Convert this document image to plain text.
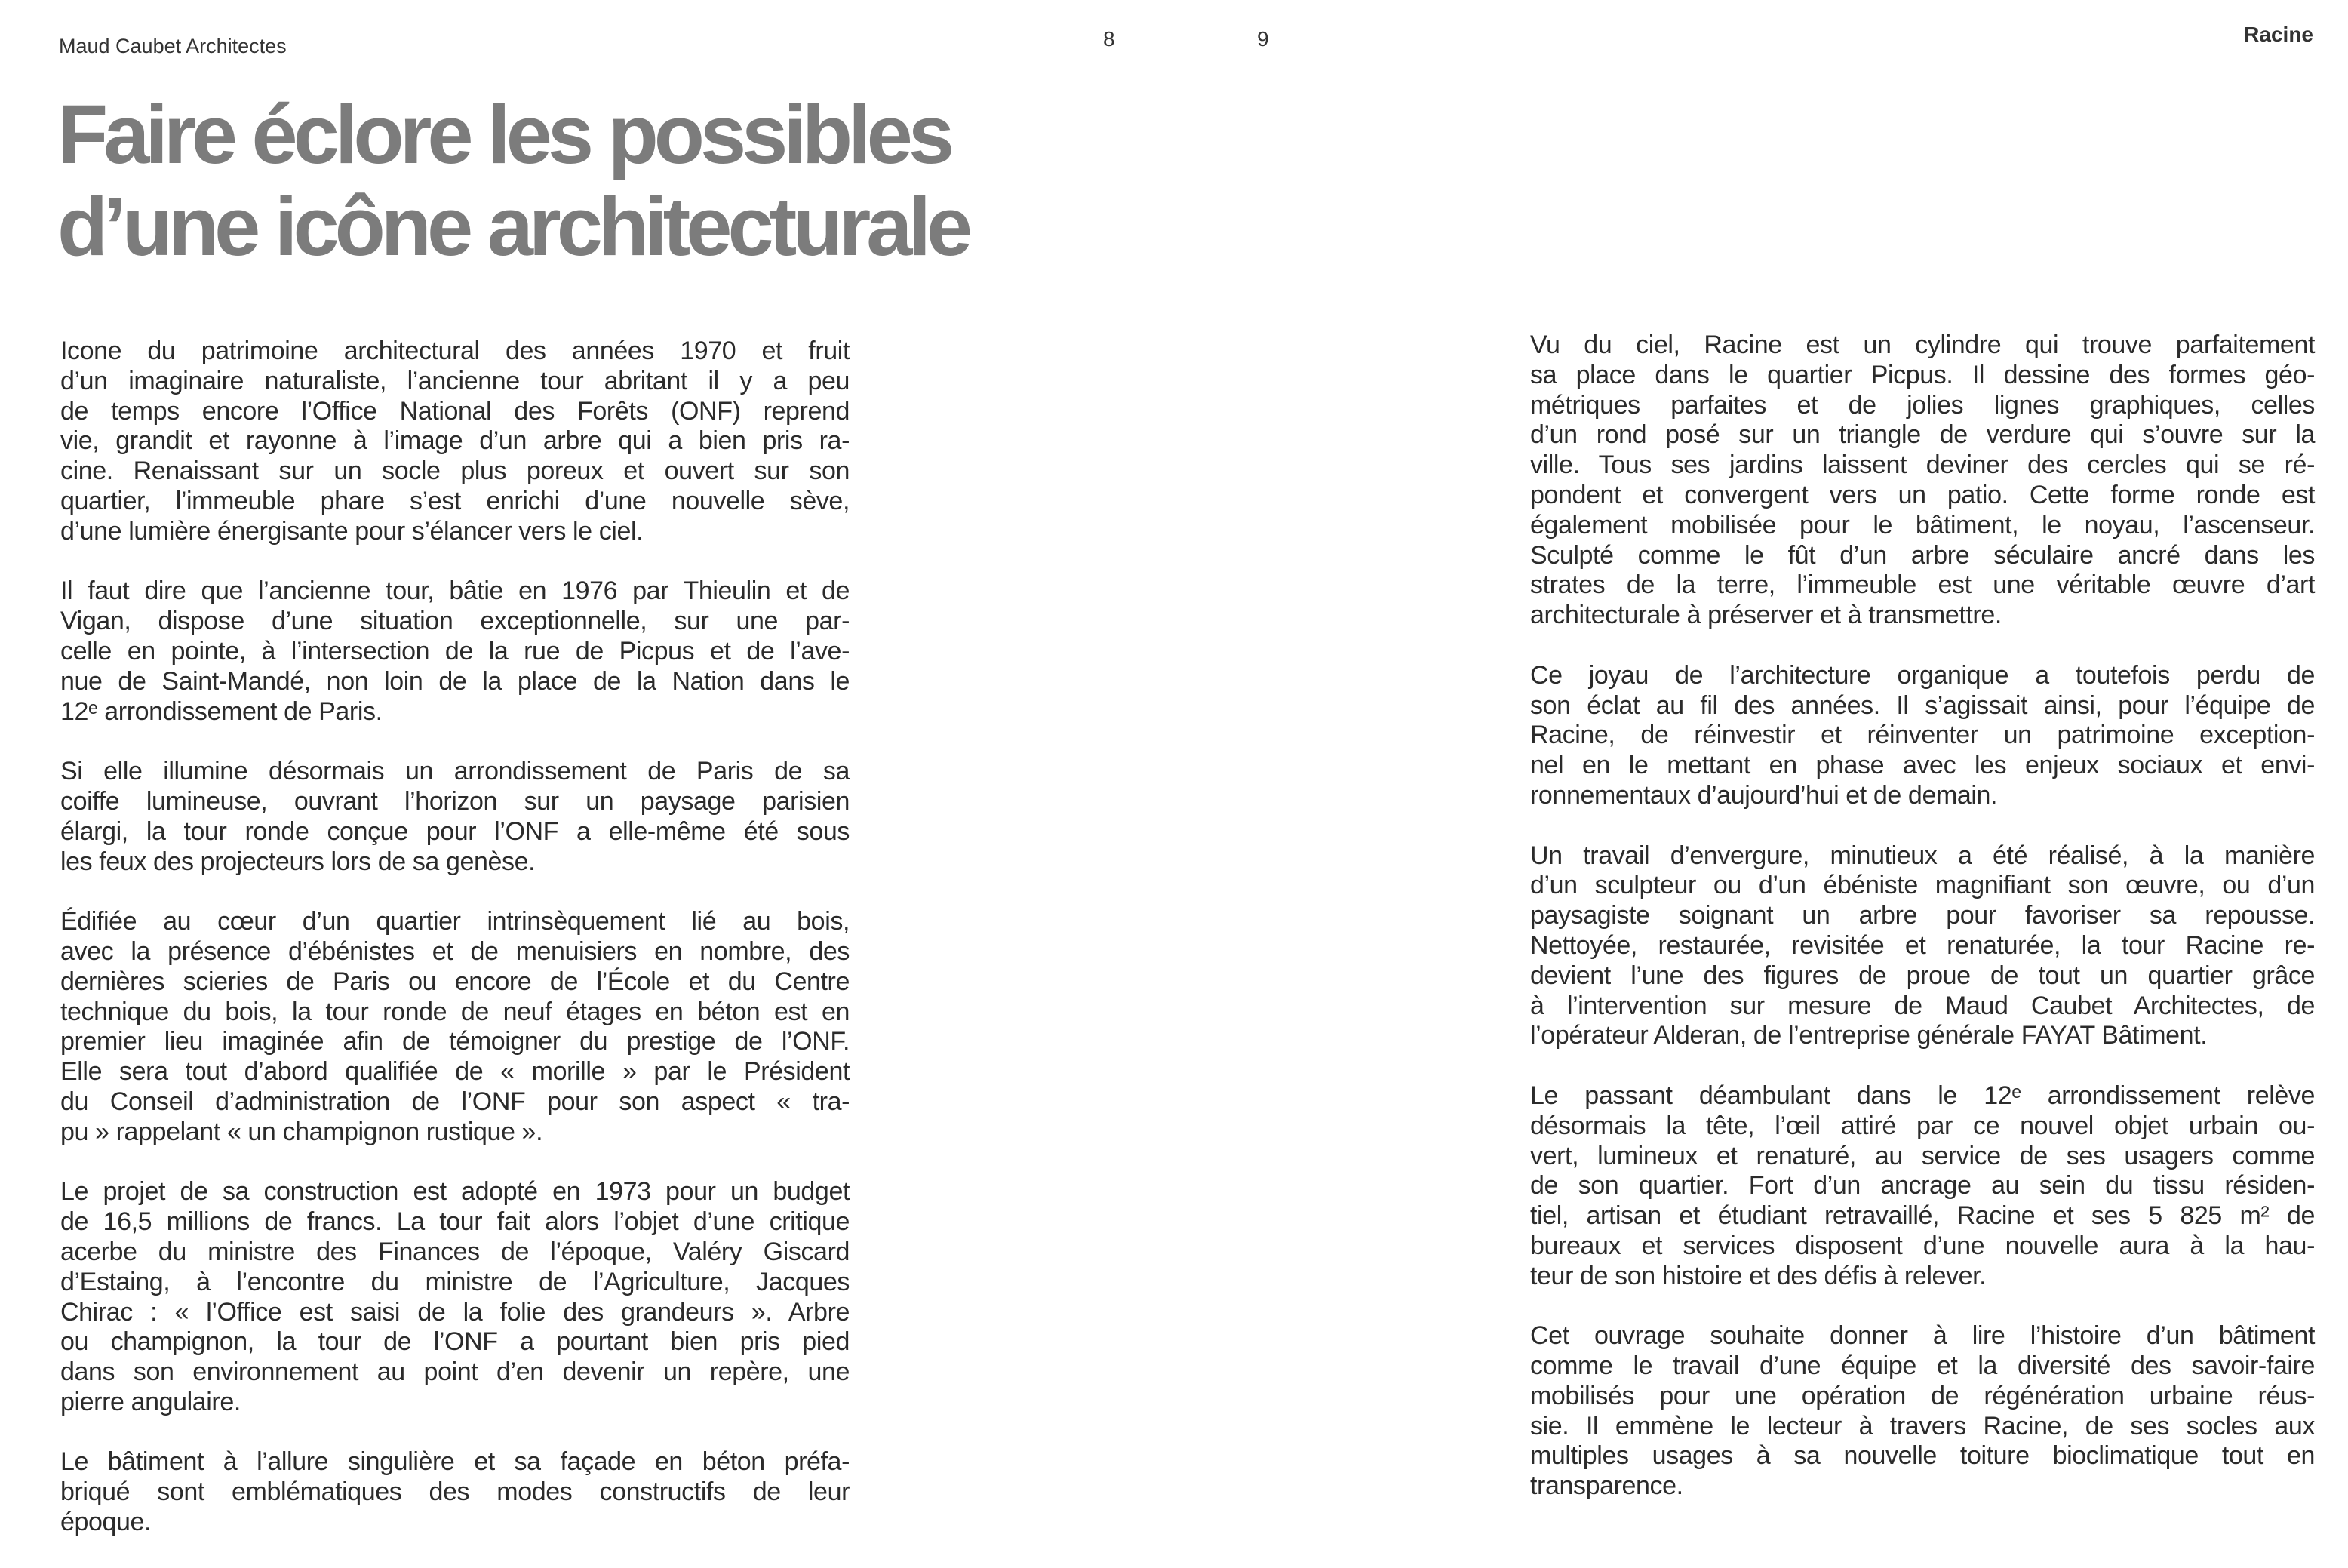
Maud Caubet Architectes	8	9	Racine
Faire éclore les possibles
d’une icône architecturale
Icone du patrimoine architectural des années 1970 et fruit
d’un imaginaire naturaliste, l’ancienne tour abritant il y a peu
de temps encore l’Office National des Forêts (ONF) reprend
vie, grandit et rayonne à l’image d’un arbre qui a bien pris ra-
cine. Renaissant sur un socle plus poreux et ouvert sur son
quartier, l’immeuble phare s’est enrichi d’une nouvelle sève,
d’une lumière énergisante pour s’élancer vers le ciel.
Il faut dire que l’ancienne tour, bâtie en 1976 par Thieulin et de
Vigan, dispose d’une situation exceptionnelle, sur une par-
celle en pointe, à l’intersection de la rue de Picpus et de l’ave-
nue de Saint-Mandé, non loin de la place de la Nation dans le
12ᵉ arrondissement de Paris.
Si elle illumine désormais un arrondissement de Paris de sa
coiffe lumineuse, ouvrant l’horizon sur un paysage parisien
élargi, la tour ronde conçue pour l’ONF a elle-même été sous
les feux des projecteurs lors de sa genèse.
Édifiée au cœur d’un quartier intrinsèquement lié au bois,
avec la présence d’ébénistes et de menuisiers en nombre, des
dernières scieries de Paris ou encore de l’École et du Centre
technique du bois, la tour ronde de neuf étages en béton est en
premier lieu imaginée afin de témoigner du prestige de l’ONF.
Elle sera tout d’abord qualifiée de « morille » par le Président
du Conseil d’administration de l’ONF pour son aspect « tra-
pu » rappelant « un champignon rustique ».
Le projet de sa construction est adopté en 1973 pour un budget
de 16,5 millions de francs. La tour fait alors l’objet d’une critique
acerbe du ministre des Finances de l’époque, Valéry Giscard
d’Estaing, à l’encontre du ministre de l’Agriculture, Jacques
Chirac : « l’Office est saisi de la folie des grandeurs ». Arbre
ou champignon, la tour de l’ONF a pourtant bien pris pied
dans son environnement au point d’en devenir un repère, une
pierre angulaire.
Le bâtiment à l’allure singulière et sa façade en béton préfa-
briqué sont emblématiques des modes constructifs de leur
époque.
Vu du ciel, Racine est un cylindre qui trouve parfaitement
sa place dans le quartier Picpus. Il dessine des formes géo-
métriques parfaites et de jolies lignes graphiques, celles
d’un rond posé sur un triangle de verdure qui s’ouvre sur la
ville. Tous ses jardins laissent deviner des cercles qui se ré-
pondent et convergent vers un patio. Cette forme ronde est
également mobilisée pour le bâtiment, le noyau, l’ascenseur.
Sculpté comme le fût d’un arbre séculaire ancré dans les
strates de la terre, l’immeuble est une véritable œuvre d’art
architecturale à préserver et à transmettre.
Ce joyau de l’architecture organique a toutefois perdu de
son éclat au fil des années. Il s’agissait ainsi, pour l’équipe de
Racine, de réinvestir et réinventer un patrimoine exception-
nel en le mettant en phase avec les enjeux sociaux et envi-
ronnementaux d’aujourd’hui et de demain.
Un travail d’envergure, minutieux a été réalisé, à la manière
d’un sculpteur ou d’un ébéniste magnifiant son œuvre, ou d’un
paysagiste soignant un arbre pour favoriser sa repousse.
Nettoyée, restaurée, revisitée et renaturée, la tour Racine re-
devient l’une des figures de proue de tout un quartier grâce
à l’intervention sur mesure de Maud Caubet Architectes, de
l’opérateur Alderan, de l’entreprise générale FAYAT Bâtiment.
Le passant déambulant dans le 12ᵉ arrondissement relève
désormais la tête, l’œil attiré par ce nouvel objet urbain ou-
vert, lumineux et renaturé, au service de ses usagers comme
de son quartier. Fort d’un ancrage au sein du tissu résiden-
tiel, artisan et étudiant retravaillé, Racine et ses 5 825 m² de
bureaux et services disposent d’une nouvelle aura à la hau-
teur de son histoire et des défis à relever.
Cet ouvrage souhaite donner à lire l’histoire d’un bâtiment
comme le travail d’une équipe et la diversité des savoir-faire
mobilisés pour une opération de régénération urbaine réus-
sie. Il emmène le lecteur à travers Racine, de ses socles aux
multiples usages à sa nouvelle toiture bioclimatique tout en
transparence.
